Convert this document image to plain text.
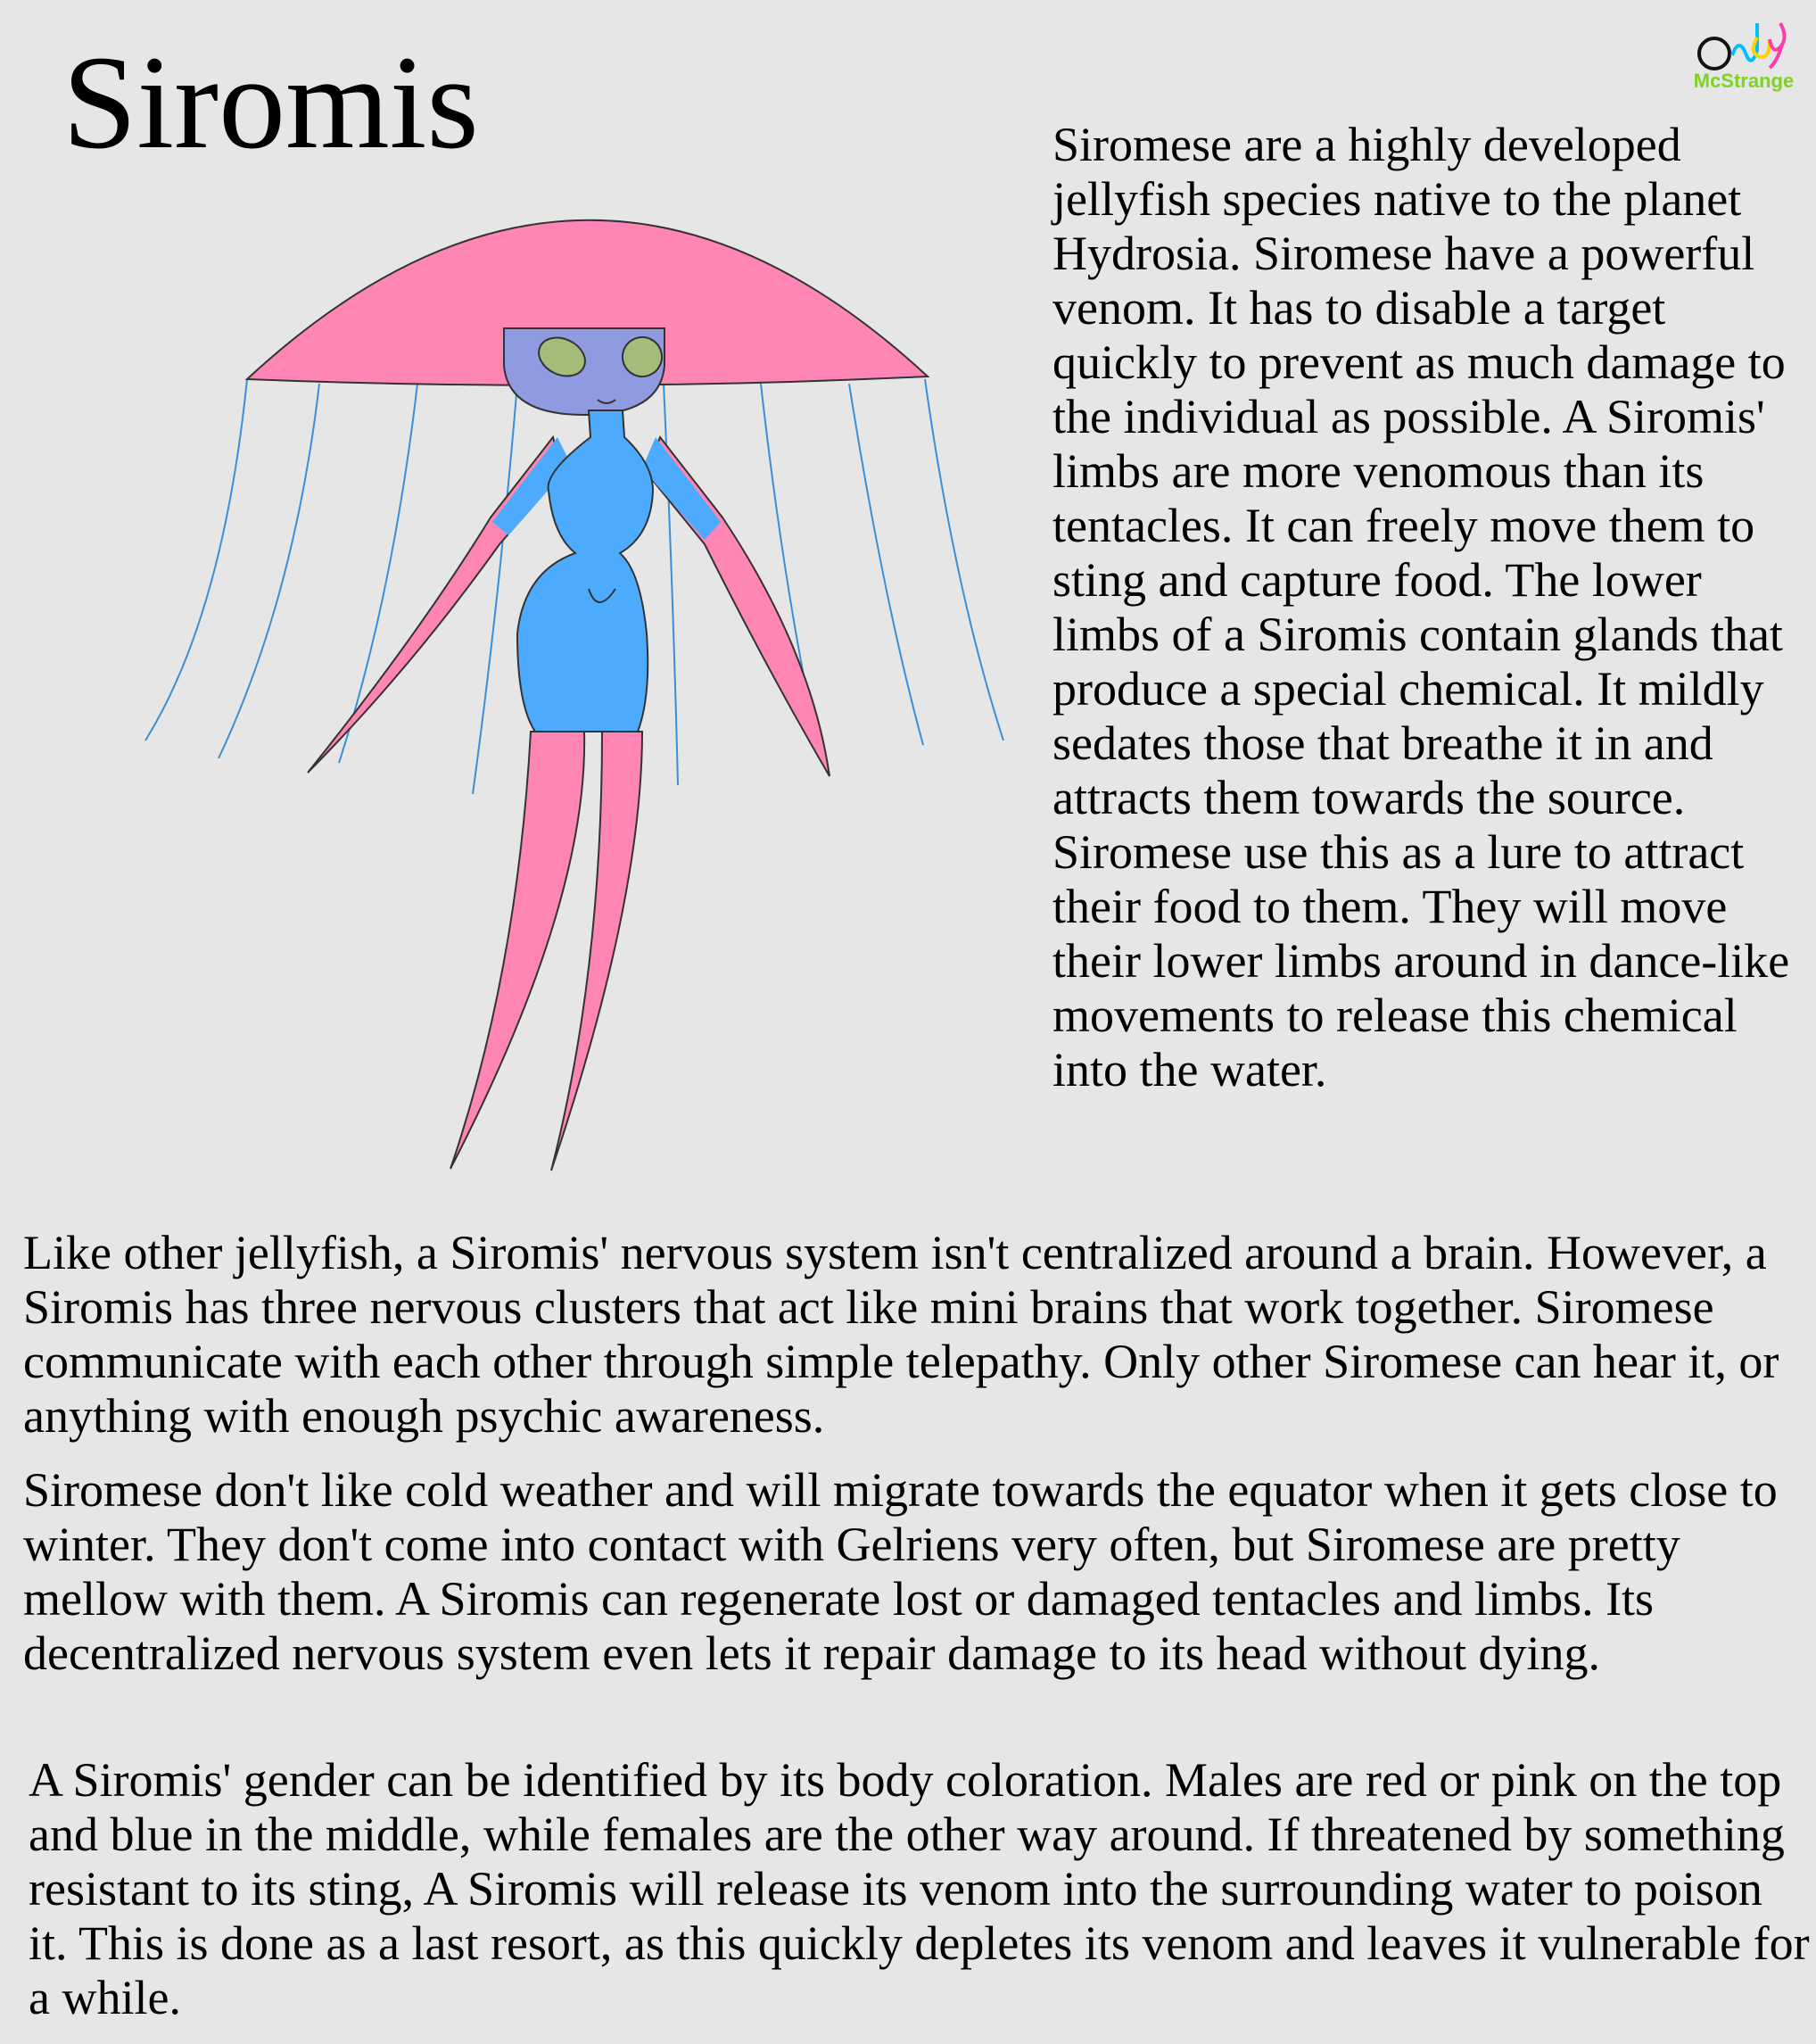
Siromis	McStrange

Siromese are a highly developed jellyfish species native to the planet Hydrosia. Siromese have a powerful venom. It has to disable a target quickly to prevent as much damage to the individual as possible. A Siromis' limbs are more venomous than its tentacles. It can freely move them to sting and capture food. The lower limbs of a Siromis contain glands that produce a special chemical. It mildly sedates those that breathe it in and attracts them towards the source. Siromese use this as a lure to attract their food to them. They will move their lower limbs around in dance-like movements to release this chemical into the water.

Like other jellyfish, a Siromis' nervous system isn't centralized around a brain. However, a Siromis has three nervous clusters that act like mini brains that work together. Siromese communicate with each other through simple telepathy. Only other Siromese can hear it, or anything with enough psychic awareness.

Siromese don't like cold weather and will migrate towards the equator when it gets close to winter. They don't come into contact with Gelriens very often, but Siromese are pretty mellow with them. A Siromis can regenerate lost or damaged tentacles and limbs. Its decentralized nervous system even lets it repair damage to its head without dying.

A Siromis' gender can be identified by its body coloration. Males are red or pink on the top and blue in the middle, while females are the other way around. If threatened by something resistant to its sting, A Siromis will release its venom into the surrounding water to poison it. This is done as a last resort, as this quickly depletes its venom and leaves it vulnerable for a while.
